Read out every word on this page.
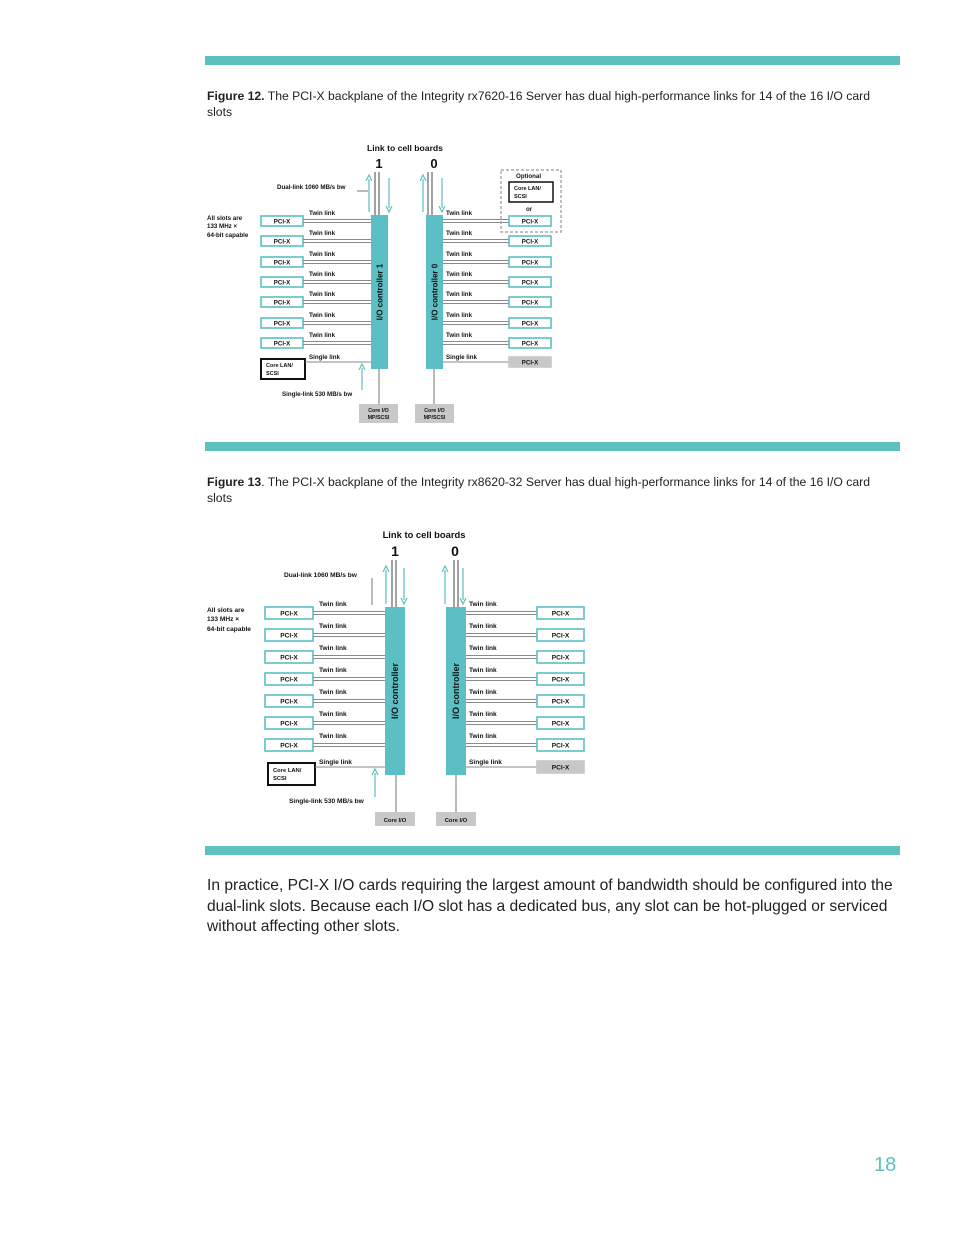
Figure 12. The PCI-X backplane of the Integrity rx7620-16 Server has dual high-performance links for 14 of the 16 I/O card slots
Link to cell boards
1	0
Dual-link 1060 MB/s bw
All slots are
133 MHz ×
64-bit capable
I/O controller 1	I/O controller 0
PCI-X
Twin link
PCI-X
Twin link
PCI-X
Twin link
PCI-X
Twin link
PCI-X
Twin link
PCI-X
Twin link
PCI-X
Twin link
Core LAN/
SCSI
Single link
Single-link 530 MB/s bw
Twin link
PCI-X
Twin link
PCI-X
Twin link
PCI-X
Twin link
PCI-X
Twin link
PCI-X
Twin link
PCI-X
Twin link
PCI-X
Single link
PCI-X
Optional
Core LAN/
SCSI
or
Core I/O
MP/SCSI
Core I/O
MP/SCSI
Figure 13. The PCI-X backplane of the Integrity rx8620-32 Server has dual high-performance links for 14 of the 16 I/O card slots
Link to cell boards
1	0
Dual-link 1060 MB/s bw
All slots are
133 MHz ×
64-bit capable
I/O controller	I/O controller
PCI-X
Twin link
PCI-X
Twin link
PCI-X
Twin link
PCI-X
Twin link
PCI-X
Twin link
PCI-X
Twin link
PCI-X
Twin link
Core LAN/
SCSI
Single link
Single-link 530 MB/s bw
Twin link
PCI-X
Twin link
PCI-X
Twin link
PCI-X
Twin link
PCI-X
Twin link
PCI-X
Twin link
PCI-X
Twin link
PCI-X
Single link
PCI-X
Core I/O	Core I/O

In practice, PCI-X I/O cards requiring the largest amount of bandwidth should be configured into the dual-link slots. Because each I/O slot has a dedicated bus, any slot can be hot-plugged or serviced without affecting other slots.

18
